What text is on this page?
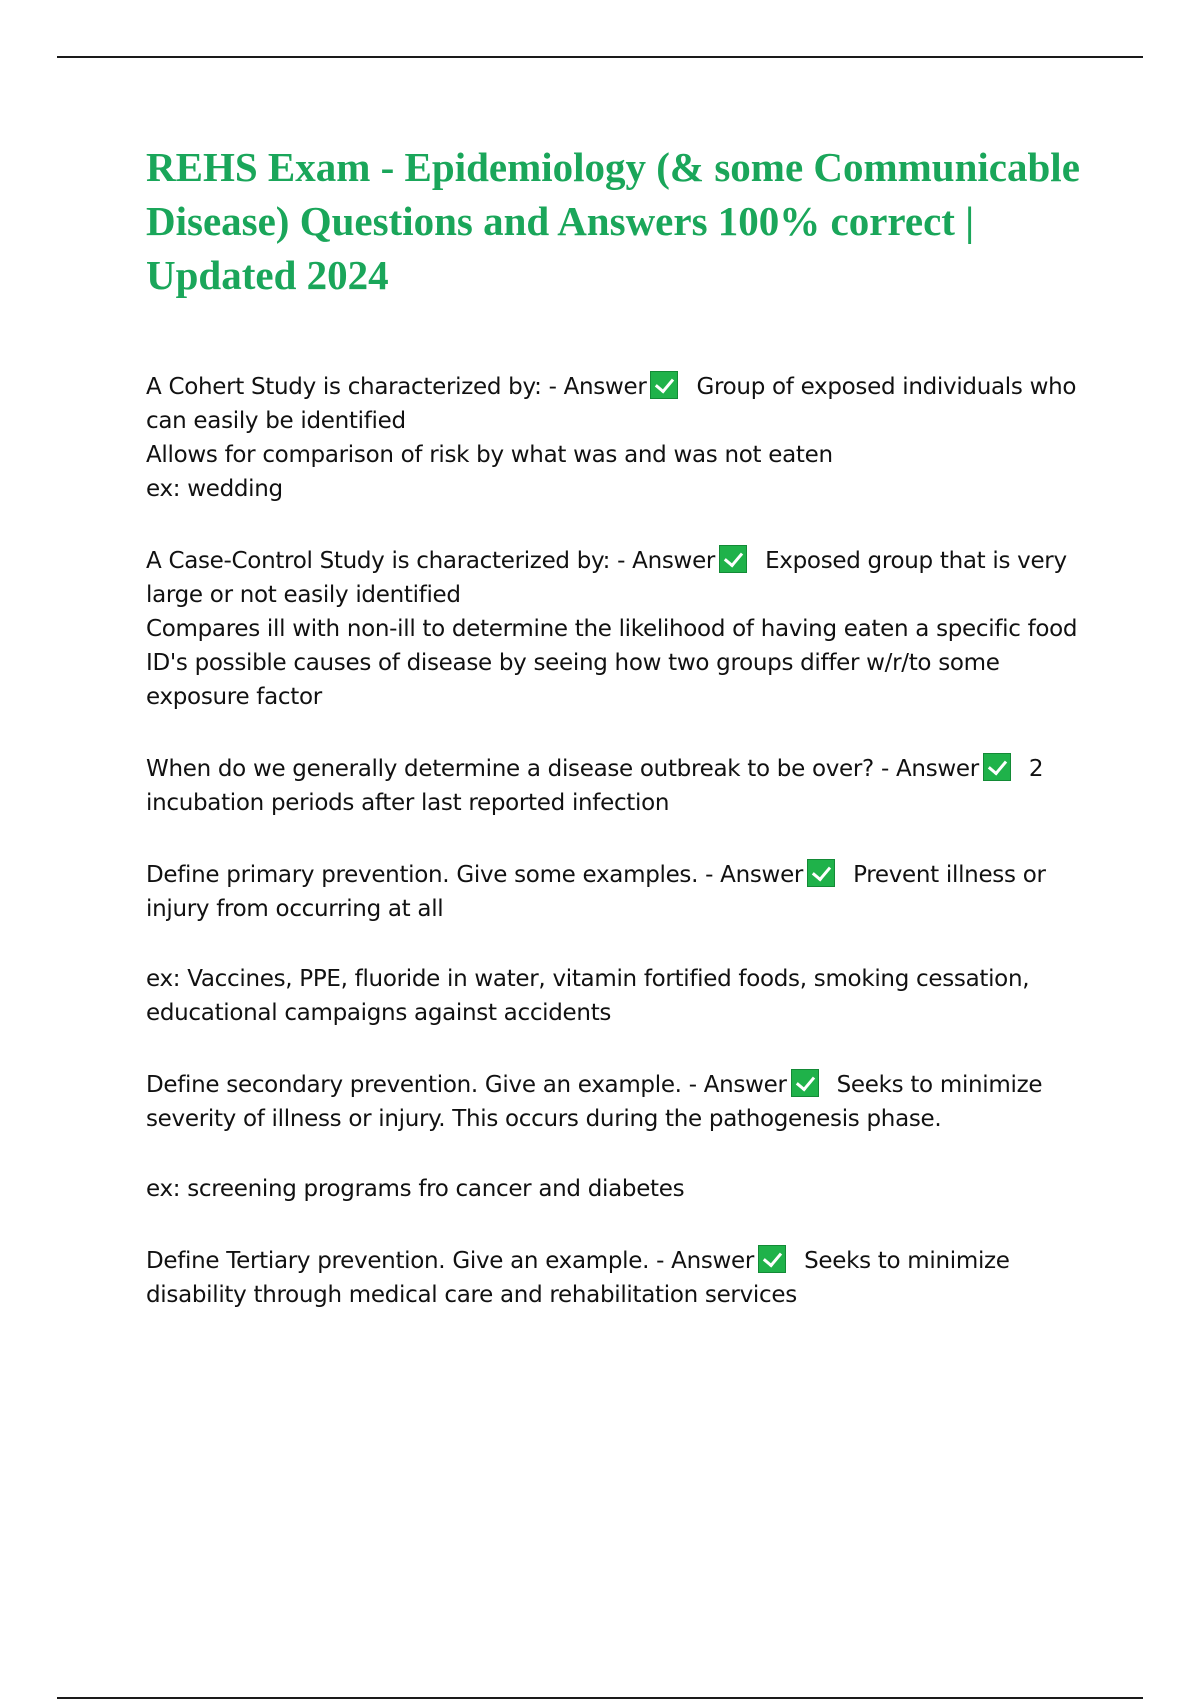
REHS Exam - Epidemiology (& some Communicable Disease) Questions and Answers 100% correct | Updated 2024

A Cohert Study is characterized by: - Answer Group of exposed individuals who can easily be identified

Allows for comparison of risk by what was and was not eaten

ex: wedding

A Case-Control Study is characterized by: - Answer Exposed group that is very large or not easily identified

Compares ill with non-ill to determine the likelihood of having eaten a specific food

ID's possible causes of disease by seeing how two groups differ w/r/to some exposure factor

When do we generally determine a disease outbreak to be over? - Answer 2 incubation periods after last reported infection

Define primary prevention. Give some examples. - Answer Prevent illness or injury from occurring at all

ex: Vaccines, PPE, fluoride in water, vitamin fortified foods, smoking cessation, educational campaigns against accidents

Define secondary prevention. Give an example. - Answer Seeks to minimize severity of illness or injury. This occurs during the pathogenesis phase.

ex: screening programs fro cancer and diabetes

Define Tertiary prevention. Give an example. - Answer Seeks to minimize disability through medical care and rehabilitation services
